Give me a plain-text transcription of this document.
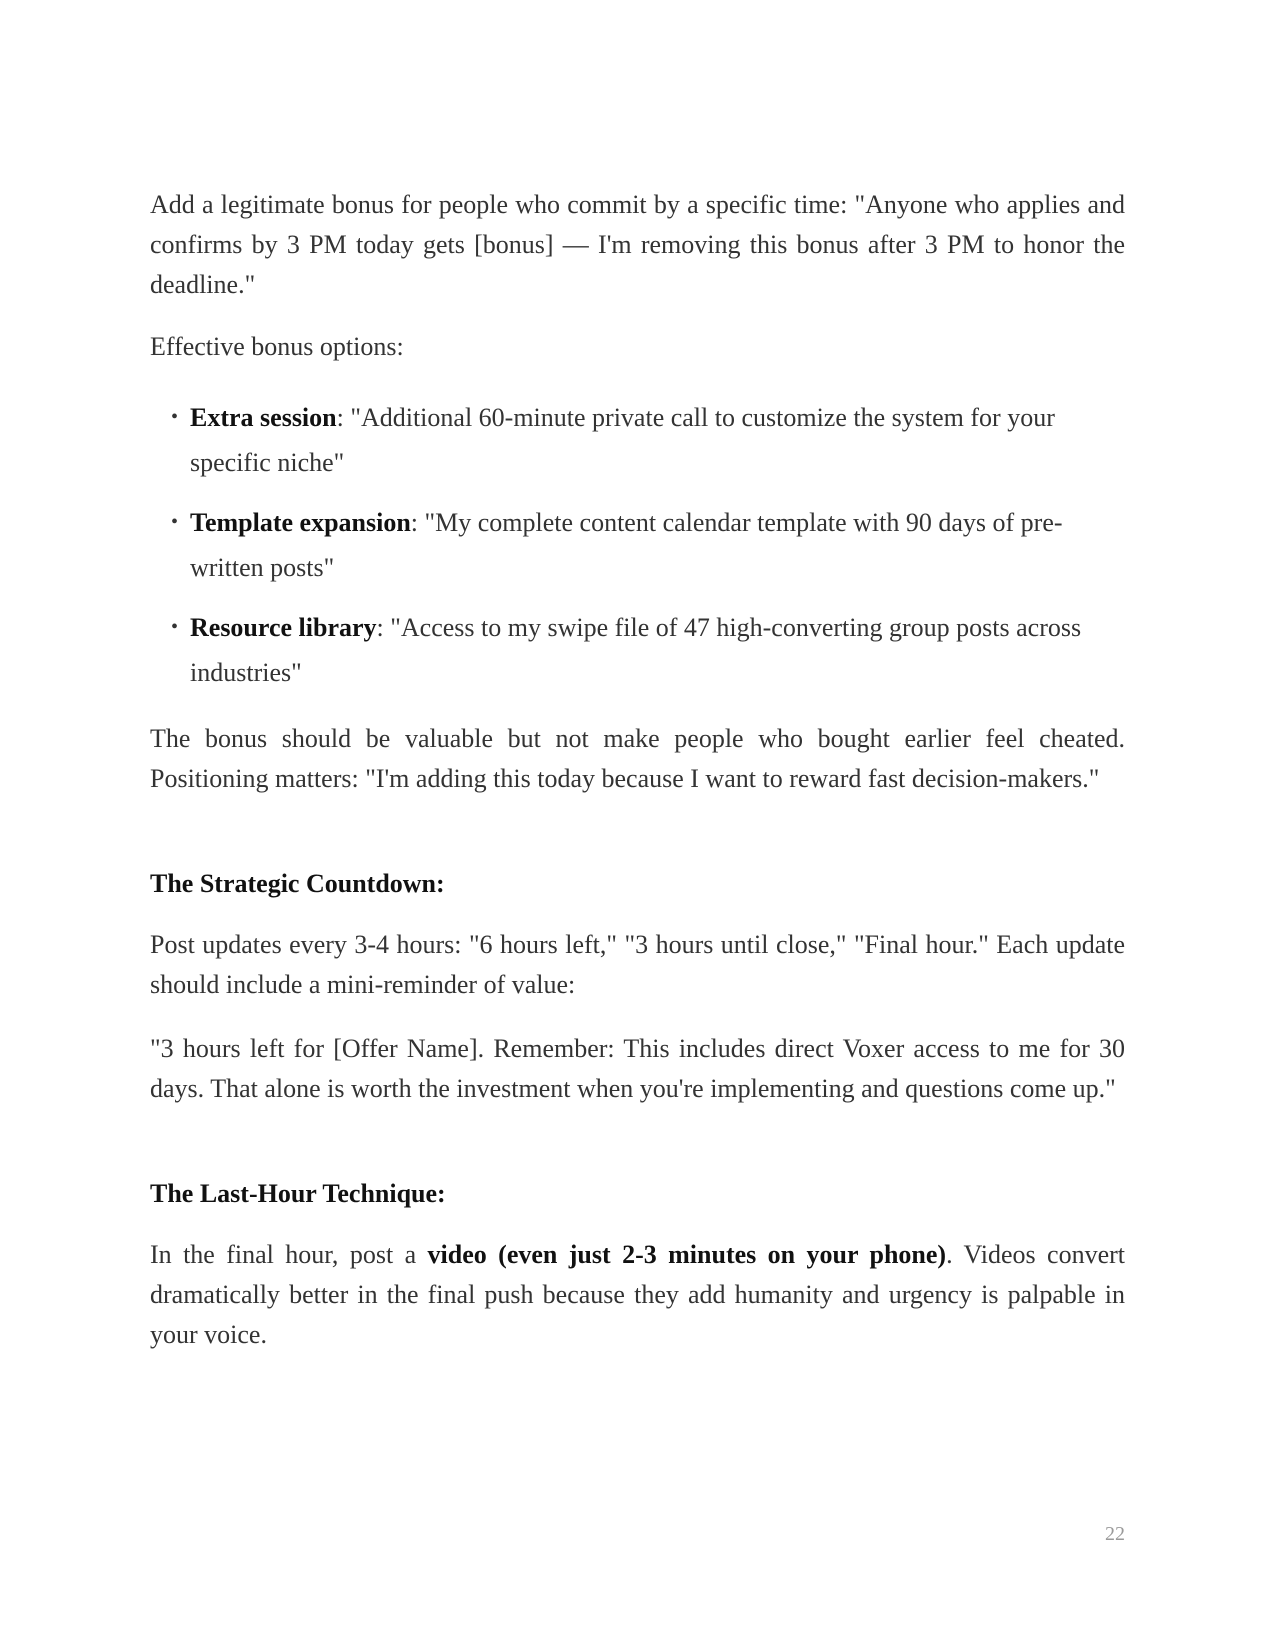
Add a legitimate bonus for people who commit by a specific time: "Anyone who applies and confirms by 3 PM today gets [bonus] — I'm removing this bonus after 3 PM to honor the deadline."

Effective bonus options:

• Extra session: "Additional 60-minute private call to customize the system for your specific niche"
• Template expansion: "My complete content calendar template with 90 days of pre-written posts"
• Resource library: "Access to my swipe file of 47 high-converting group posts across industries"

The bonus should be valuable but not make people who bought earlier feel cheated. Positioning matters: "I'm adding this today because I want to reward fast decision-makers."

The Strategic Countdown:

Post updates every 3-4 hours: "6 hours left," "3 hours until close," "Final hour." Each update should include a mini-reminder of value:

"3 hours left for [Offer Name]. Remember: This includes direct Voxer access to me for 30 days. That alone is worth the investment when you're implementing and questions come up."

The Last-Hour Technique:

In the final hour, post a video (even just 2-3 minutes on your phone). Videos convert dramatically better in the final push because they add humanity and urgency is palpable in your voice.

22
